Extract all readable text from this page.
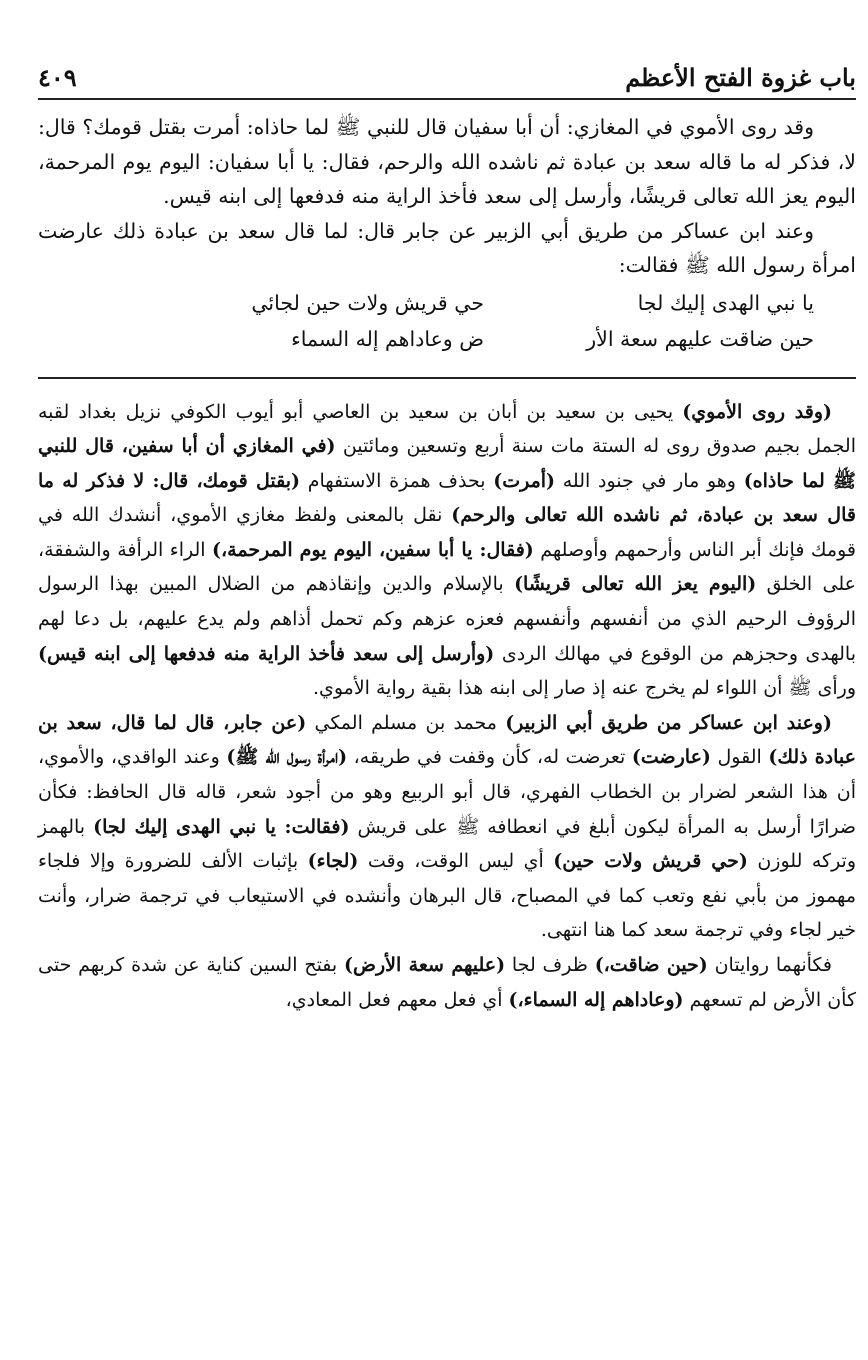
باب غزوة الفتح الأعظم
٤٠٩

وقد روى الأموي في المغازي: أن أبا سفيان قال للنبي ﷺ لما حاذاه: أمرت بقتل قومك؟ قال: لا، فذكر له ما قاله سعد بن عبادة ثم ناشده الله والرحم، فقال: يا أبا سفيان: اليوم يوم المرحمة، اليوم يعز الله تعالى قريشًا، وأرسل إلى سعد فأخذ الراية منه فدفعها إلى ابنه قيس.

وعند ابن عساكر من طريق أبي الزبير عن جابر قال: لما قال سعد بن عبادة ذلك عارضت امرأة رسول الله ﷺ فقالت:

يا نبي الهدى إليك لجا
حي قريش ولات حين لجائي
حين ضاقت عليهم سعة الأر
ض وعاداهم إله السماء

(وقد روى الأموي) يحيى بن سعيد بن أبان بن سعيد بن العاصي أبو أيوب الكوفي نزيل بغداد لقبه الجمل بجيم صدوق روى له الستة مات سنة أربع وتسعين ومائتين (في المغازي أن أبا سفين، قال للنبي ﷺ لما حاذاه) وهو مار في جنود الله (أمرت) بحذف همزة الاستفهام (بقتل قومك، قال: لا فذكر له ما قال سعد بن عبادة، ثم ناشده الله تعالى والرحم) نقل بالمعنى ولفظ مغازي الأموي، أنشدك الله في قومك فإنك أبر الناس وأرحمهم وأوصلهم (فقال: يا أبا سفين، اليوم يوم المرحمة،) الراء الرأفة والشفقة، على الخلق (اليوم يعز الله تعالى قريشًا) بالإسلام والدين وإنقاذهم من الضلال المبين بهذا الرسول الرؤوف الرحيم الذي من أنفسهم وأنفسهم فعزه عزهم وكم تحمل أذاهم ولم يدع عليهم، بل دعا لهم بالهدى وحجزهم من الوقوع في مهالك الردى (وأرسل إلى سعد فأخذ الراية منه فدفعها إلى ابنه قيس) ورأى ﷺ أن اللواء لم يخرج عنه إذ صار إلى ابنه هذا بقية رواية الأموي.

(وعند ابن عساكر من طريق أبي الزبير) محمد بن مسلم المكي (عن جابر، قال لما قال، سعد بن عبادة ذلك) القول (عارضت) تعرضت له، كأن وقفت في طريقه، (امرأة رسول الله ﷺ) وعند الواقدي، والأموي، أن هذا الشعر لضرار بن الخطاب الفهري، قال أبو الربيع وهو من أجود شعر، قاله قال الحافظ: فكأن ضرارًا أرسل به المرأة ليكون أبلغ في انعطافه ﷺ على قريش (فقالت: يا نبي الهدى إليك لجا) بالهمز وتركه للوزن (حي قريش ولات حين) أي ليس الوقت، وقت (لجاء) بإثبات الألف للضرورة وإلا فلجاء مهموز من بأبي نفع وتعب كما في المصباح، قال البرهان وأنشده في الاستيعاب في ترجمة ضرار، وأنت خير لجاء وفي ترجمة سعد كما هنا انتهى.

فكأنهما روايتان (حين ضاقت،) ظرف لجا (عليهم سعة الأرض) بفتح السين كناية عن شدة كربهم حتى كأن الأرض لم تسعهم (وعاداهم إله السماء،) أي فعل معهم فعل المعادي،
